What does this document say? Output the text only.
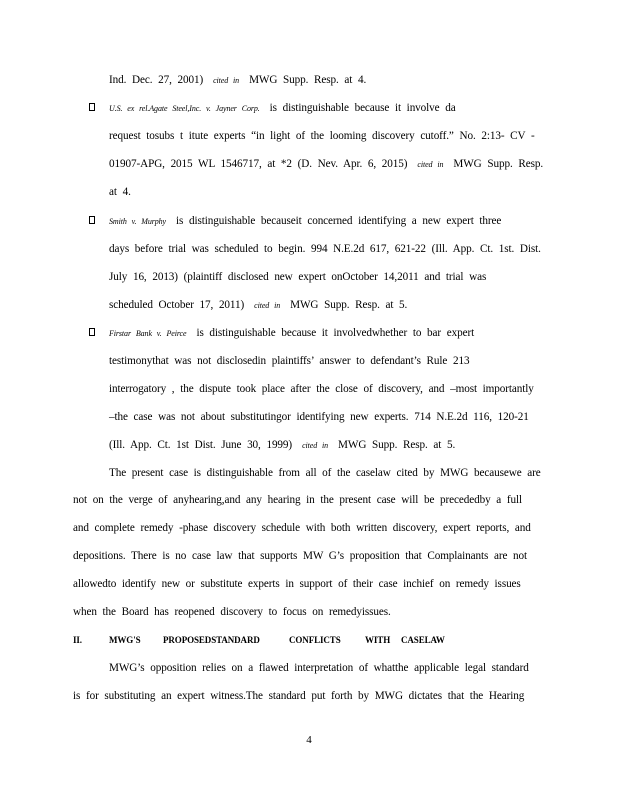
Ind. Dec. 27, 2001) cited in MWG Supp. Resp. at 4.
U.S. ex rel.Agate Steel,Inc. v. Jayner Corp. is distinguishable because it involve da
request tosubs t itute experts “in light of the looming discovery cutoff.” No. 2:13- CV -
01907-APG, 2015 WL 1546717, at *2 (D. Nev. Apr. 6, 2015) cited in MWG Supp. Resp.
at 4.
Smith v. Murphy is distinguishable becauseit concerned identifying a new expert three
days before trial was scheduled to begin. 994 N.E.2d 617, 621-22 (Ill. App. Ct. 1st. Dist.
July 16, 2013) (plaintiff disclosed new expert onOctober 14,2011 and trial was
scheduled October 17, 2011) cited in MWG Supp. Resp. at 5.
Firstar Bank v. Peirce is distinguishable because it involvedwhether to bar expert
testimonythat was not disclosedin plaintiffs’ answer to defendant’s Rule 213
interrogatory , the dispute took place after the close of discovery, and –most importantly
–the case was not about substitutingor identifying new experts. 714 N.E.2d 116, 120-21
(Ill. App. Ct. 1st Dist. June 30, 1999) cited in MWG Supp. Resp. at 5.
The present case is distinguishable from all of the caselaw cited by MWG becausewe are
not on the verge of anyhearing,and any hearing in the present case will be precededby a full
and complete remedy -phase discovery schedule with both written discovery, expert reports, and
depositions. There is no case law that supports MW G’s proposition that Complainants are not
allowedto identify new or substitute experts in support of their case inchief on remedy issues
when the Board has reopened discovery to focus on remedyissues.
II.	MWG'S PROPOSEDSTANDARD	CONFLICTS	WITH CASELAW
MWG’s opposition relies on a flawed interpretation of whatthe applicable legal standard
is for substituting an expert witness.The standard put forth by MWG dictates that the Hearing
4
